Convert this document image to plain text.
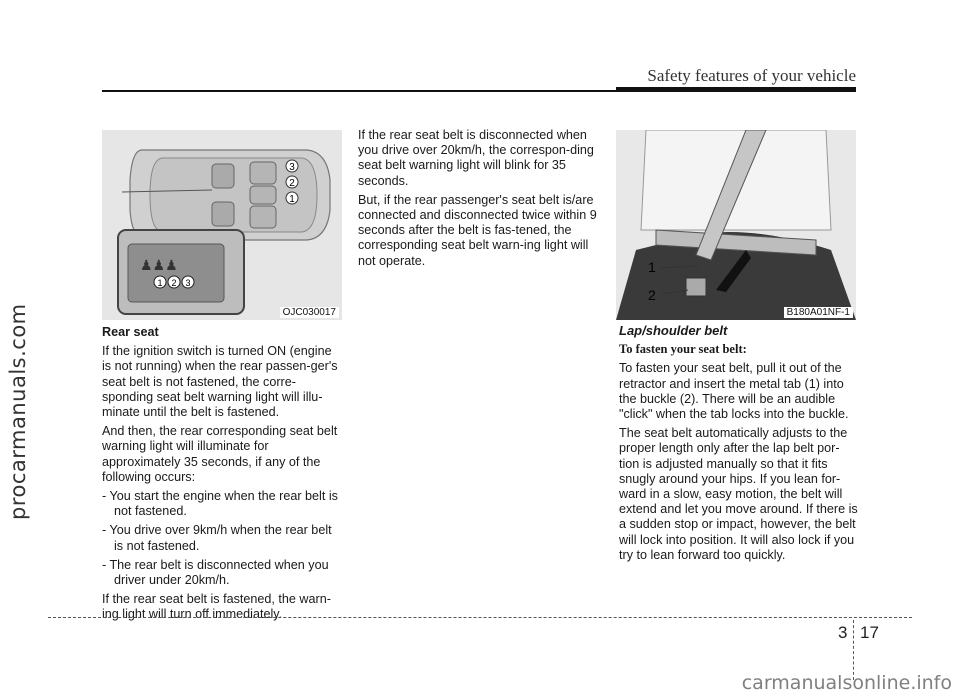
procarmanuals.com
Safety features of your vehicle
3
2
1
♟♟♟
1 2 3
OJC030017
1
2
B180A01NF-1

Rear seat

If the ignition switch is turned ON (engine is not running) when the rear passen-ger's seat belt is not fastened, the corre-sponding seat belt warning light will illu-minate until the belt is fastened.

And then, the rear corresponding seat belt warning light will illuminate for approximately 35 seconds, if any of the following occurs:

- You start the engine when the rear belt is not fastened.

- You drive over 9km/h when the rear belt is not fastened.

- The rear belt is disconnected when you driver under 20km/h.

If the rear seat belt is fastened, the warn-ing light will turn off immediately.

If the rear seat belt is disconnected when you drive over 20km/h, the correspon-ding seat belt warning light will blink for 35 seconds.

But, if the rear passenger's seat belt is/are connected and disconnected twice within 9 seconds after the belt is fas-tened, the corresponding seat belt warn-ing light will not operate.

Lap/shoulder belt

To fasten your seat belt:

To fasten your seat belt, pull it out of the retractor and insert the metal tab (1) into the buckle (2). There will be an audible "click" when the tab locks into the buckle.

The seat belt automatically adjusts to the proper length only after the lap belt por-tion is adjusted manually so that it fits snugly around your hips. If you lean for-ward in a slow, easy motion, the belt will extend and let you move around. If there is a sudden stop or impact, however, the belt will lock into position. It will also lock if you try to lean forward too quickly.

3 17
carmanualsonline.info
